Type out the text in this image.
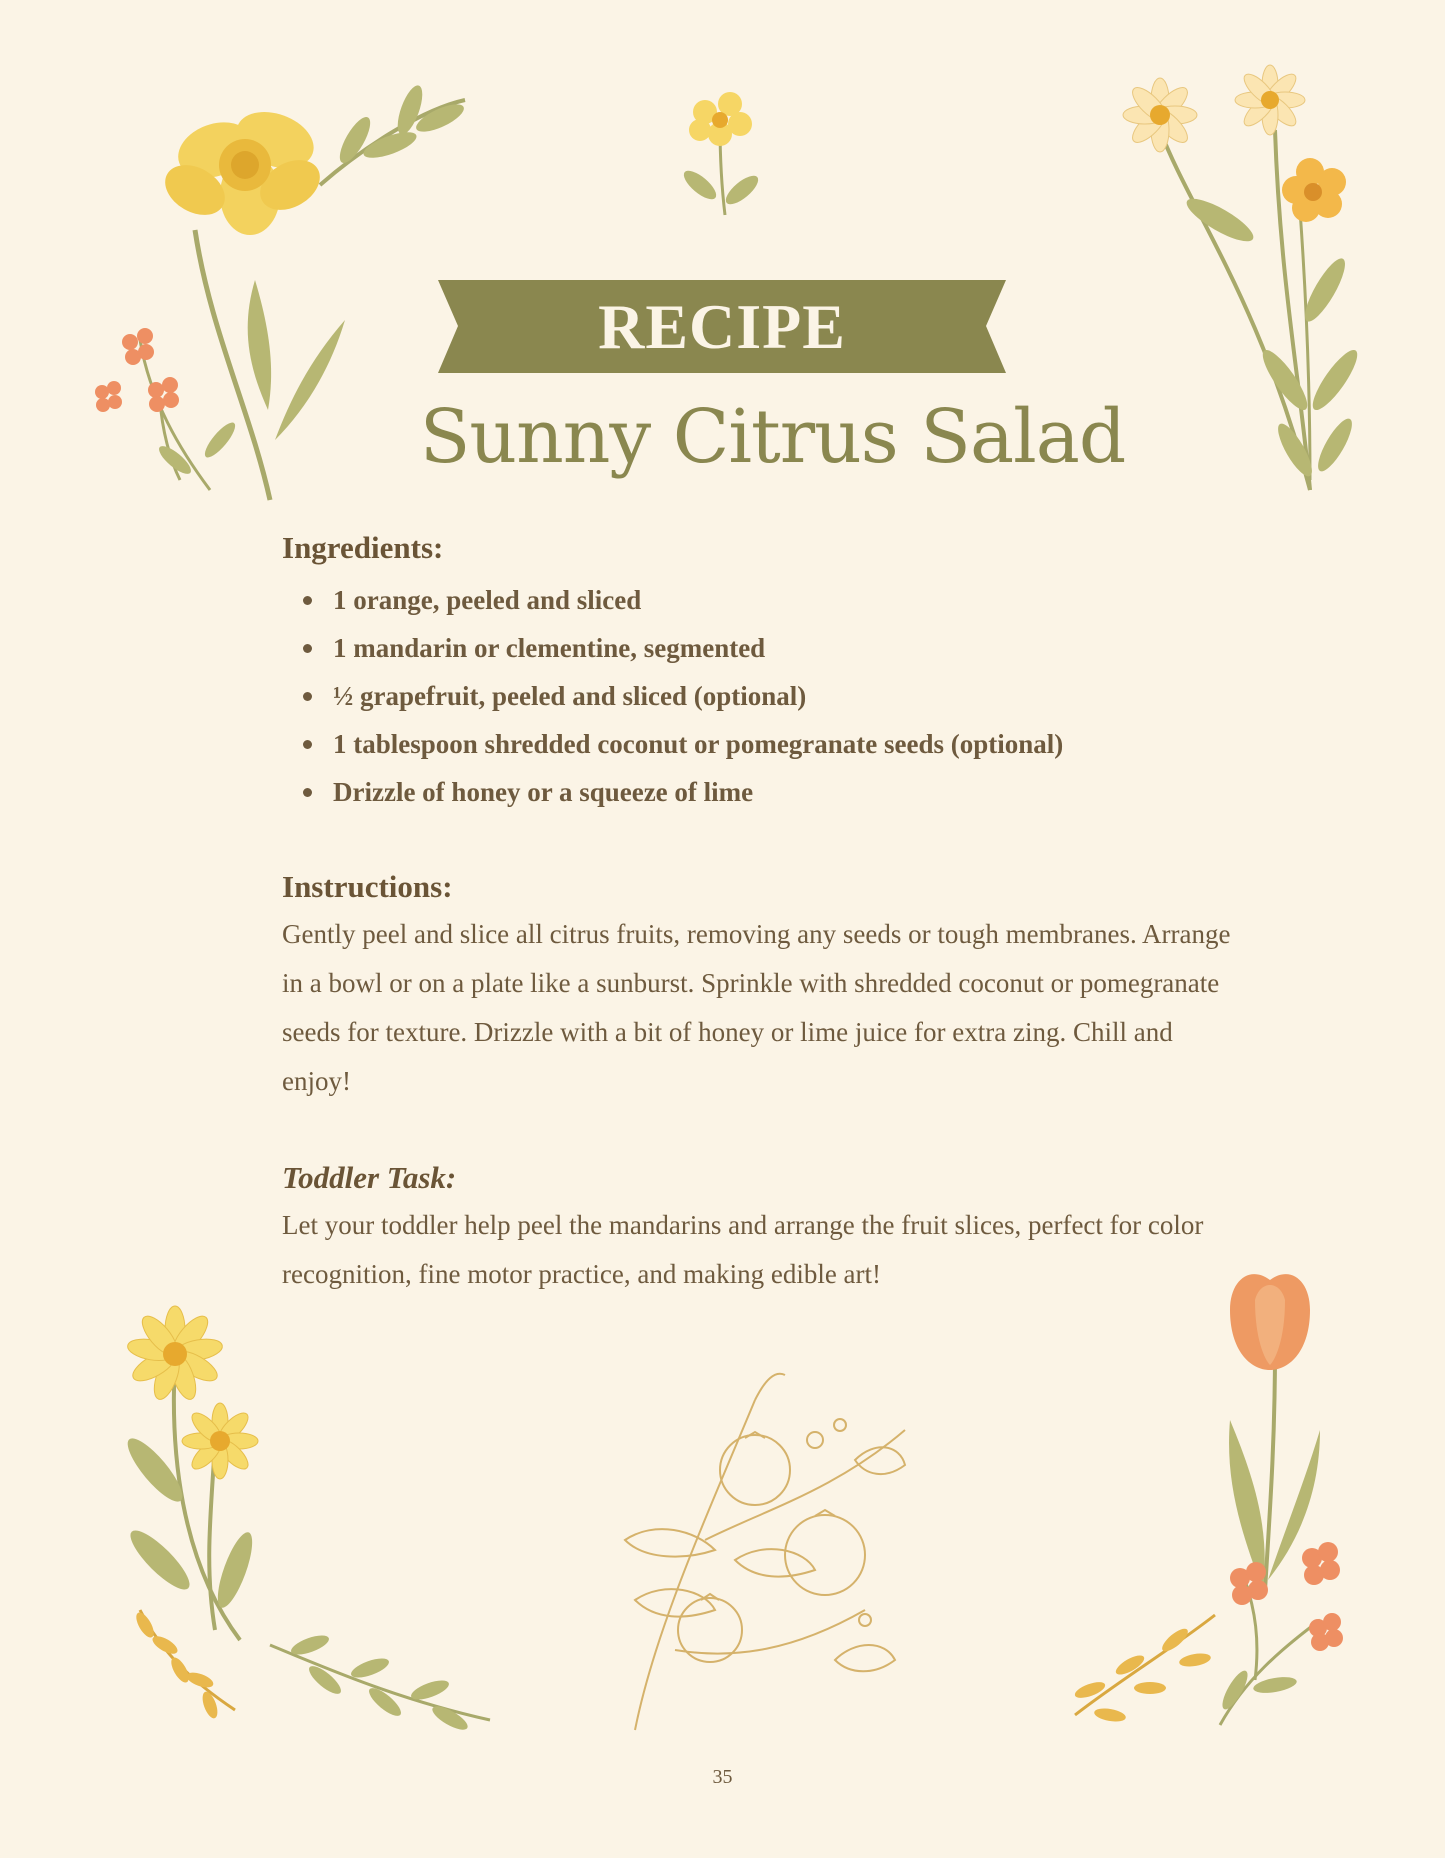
RECIPE
Sunny Citrus Salad

Ingredients:

1 orange, peeled and sliced
1 mandarin or clementine, segmented
½ grapefruit, peeled and sliced (optional)
1 tablespoon shredded coconut or pomegranate seeds (optional)
Drizzle of honey or a squeeze of lime

Instructions:

Gently peel and slice all citrus fruits, removing any seeds or tough membranes. Arrange in a bowl or on a plate like a sunburst. Sprinkle with shredded coconut or pomegranate seeds for texture. Drizzle with a bit of honey or lime juice for extra zing. Chill and enjoy!

Toddler Task:

Let your toddler help peel the mandarins and arrange the fruit slices, perfect for color recognition, fine motor practice, and making edible art!

35
